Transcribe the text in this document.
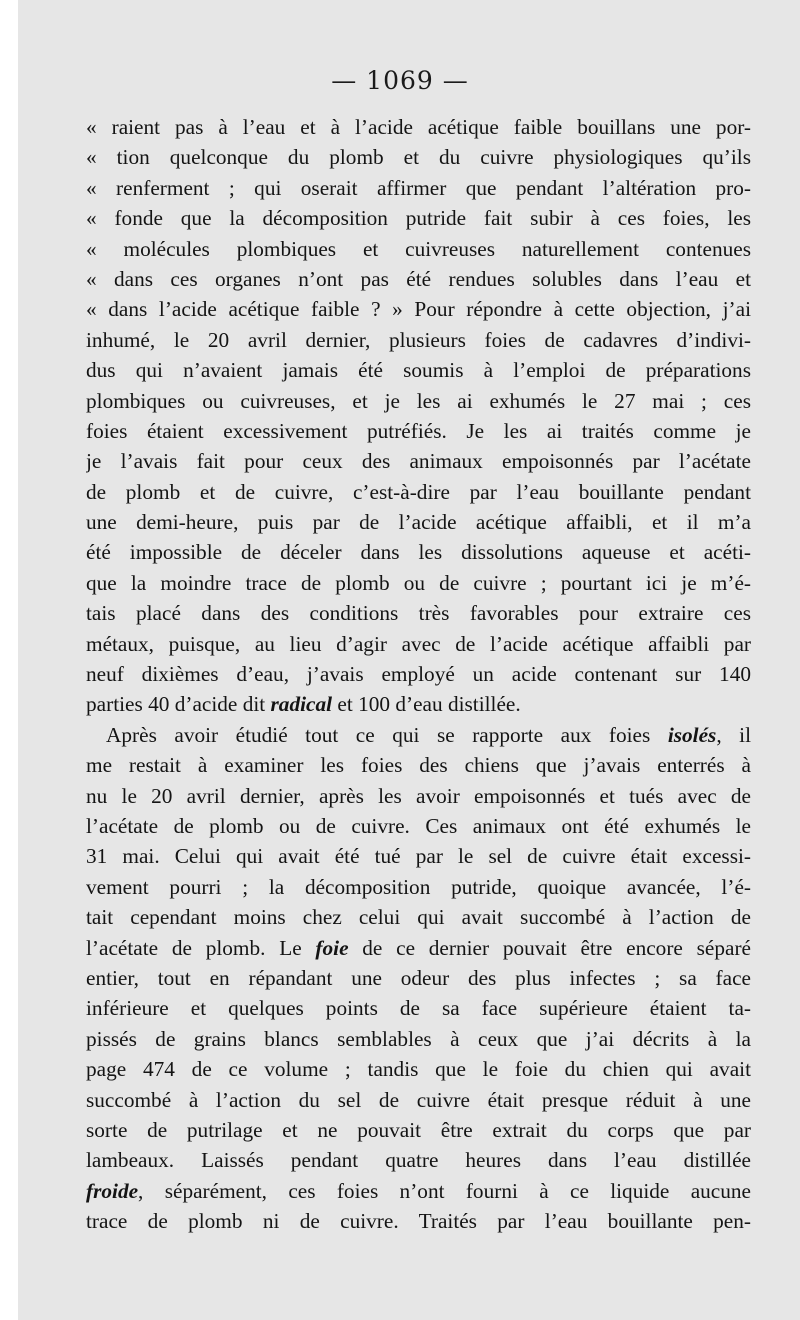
— 1069 —
« raient pas à l’eau et à l’acide acétique faible bouillans une por-
« tion quelconque du plomb et du cuivre physiologiques qu’ils
« renferment ; qui oserait affirmer que pendant l’altération pro-
« fonde que la décomposition putride fait subir à ces foies, les
« molécules plombiques et cuivreuses naturellement contenues
« dans ces organes n’ont pas été rendues solubles dans l’eau et
« dans l’acide acétique faible ? » Pour répondre à cette objection, j’ai
inhumé, le 20 avril dernier, plusieurs foies de cadavres d’indivi-
dus qui n’avaient jamais été soumis à l’emploi de préparations
plombiques ou cuivreuses, et je les ai exhumés le 27 mai ; ces
foies étaient excessivement putréfiés. Je les ai traités comme je
je l’avais fait pour ceux des animaux empoisonnés par l’acétate
de plomb et de cuivre, c’est-à-dire par l’eau bouillante pendant
une demi-heure, puis par de l’acide acétique affaibli, et il m’a
été impossible de déceler dans les dissolutions aqueuse et acéti-
que la moindre trace de plomb ou de cuivre ; pourtant ici je m’é-
tais placé dans des conditions très favorables pour extraire ces
métaux, puisque, au lieu d’agir avec de l’acide acétique affaibli par
neuf dixièmes d’eau, j’avais employé un acide contenant sur 140
parties 40 d’acide dit radical et 100 d’eau distillée.
Après avoir étudié tout ce qui se rapporte aux foies isolés, il
me restait à examiner les foies des chiens que j’avais enterrés à
nu le 20 avril dernier, après les avoir empoisonnés et tués avec de
l’acétate de plomb ou de cuivre. Ces animaux ont été exhumés le
31 mai. Celui qui avait été tué par le sel de cuivre était excessi-
vement pourri ; la décomposition putride, quoique avancée, l’é-
tait cependant moins chez celui qui avait succombé à l’action de
l’acétate de plomb. Le foie de ce dernier pouvait être encore séparé
entier, tout en répandant une odeur des plus infectes ; sa face
inférieure et quelques points de sa face supérieure étaient ta-
pissés de grains blancs semblables à ceux que j’ai décrits à la
page 474 de ce volume ; tandis que le foie du chien qui avait
succombé à l’action du sel de cuivre était presque réduit à une
sorte de putrilage et ne pouvait être extrait du corps que par
lambeaux. Laissés pendant quatre heures dans l’eau distillée
froide, séparément, ces foies n’ont fourni à ce liquide aucune
trace de plomb ni de cuivre. Traités par l’eau bouillante pen-
